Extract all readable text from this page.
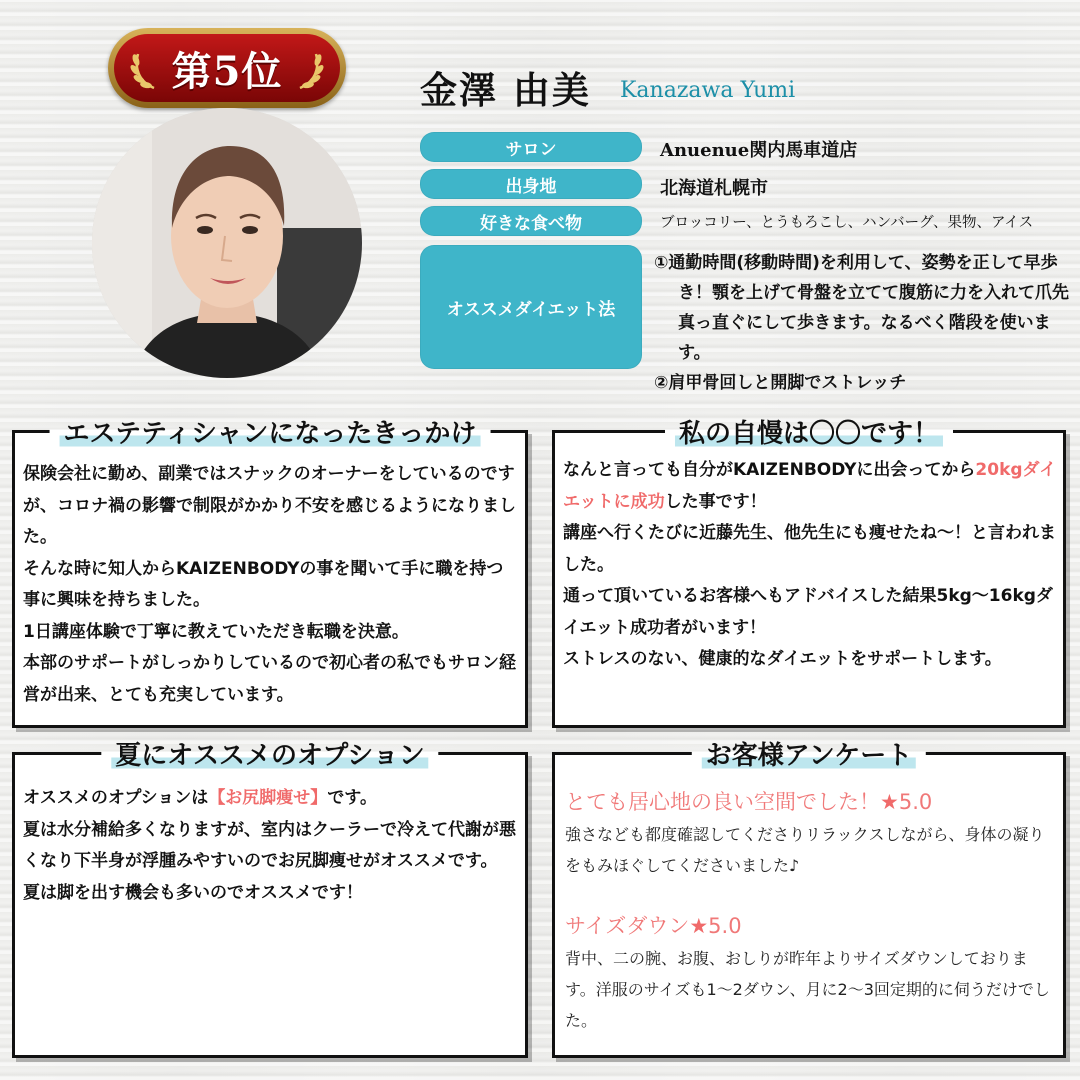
第5位	金澤 由美 Kanazawa Yumi
サロン	Anuenue関内馬車道店
出身地	北海道札幌市
好きな食べ物	ブロッコリー、とうもろこし、ハンバーグ、果物、アイス
オススメダイエット法
①通勤時間(移動時間)を利用して、姿勢を正して早歩き！顎を上げて骨盤を立てて腹筋に力を入れて爪先真っ直ぐにして歩きます。なるべく階段を使います。
②肩甲骨回しと開脚でストレッチ
エステティシャンになったきっかけ

保険会社に勤め、副業ではスナックのオーナーをしているのですが、コロナ禍の影響で制限がかかり不安を感じるようになりました。

そんな時に知人からKAIZENBODYの事を聞いて手に職を持つ事に興味を持ちました。

1日講座体験で丁寧に教えていただき転職を決意。

本部のサポートがしっかりしているので初心者の私でもサロン経営が出来、とても充実しています。

私の自慢は〇〇です！

なんと言っても自分がKAIZENBODYに出会ってから20kgダイエットに成功した事です！

講座へ行くたびに近藤先生、他先生にも痩せたね～！と言われました。

通って頂いているお客様へもアドバイスした結果5kg～16kgダイエット成功者がいます！

ストレスのない、健康的なダイエットをサポートします。

夏にオススメのオプション

オススメのオプションは【お尻脚痩せ】です。

夏は水分補給多くなりますが、室内はクーラーで冷えて代謝が悪くなり下半身が浮腫みやすいのでお尻脚痩せがオススメです。

夏は脚を出す機会も多いのでオススメです！

お客様アンケート
とても居心地の良い空間でした！★5.0
強さなども都度確認してくださりリラックスしながら、身体の凝りをもみほぐしてくださいました♪
サイズダウン★5.0
背中、二の腕、お腹、おしりが昨年よりサイズダウンしております。洋服のサイズも1～2ダウン、月に2～3回定期的に伺うだけでした。
